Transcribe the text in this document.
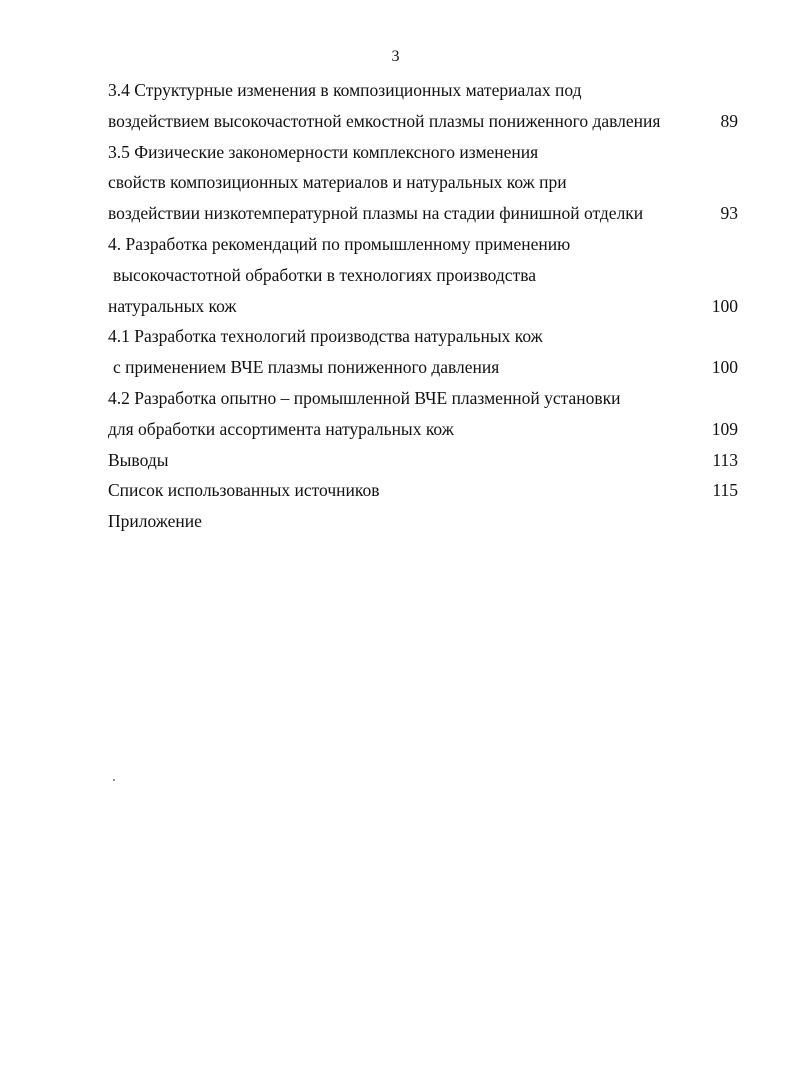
3
3.4 Структурные изменения в композиционных материалах под
воздействием высокочастотной емкостной плазмы пониженного давления	89
3.5 Физические закономерности комплексного изменения
свойств композиционных материалов и натуральных кож при
воздействии низкотемпературной плазмы на стадии финишной отделки	93
4. Разработка рекомендаций по промышленному применению
высокочастотной обработки в технологиях производства
натуральных кож	100
4.1 Разработка технологий производства натуральных кож
с применением ВЧЕ плазмы пониженного давления	100
4.2 Разработка опытно – промышленной ВЧЕ плазменной установки
для обработки ассортимента натуральных кож	109
Выводы	113
Список использованных источников	115
Приложение
